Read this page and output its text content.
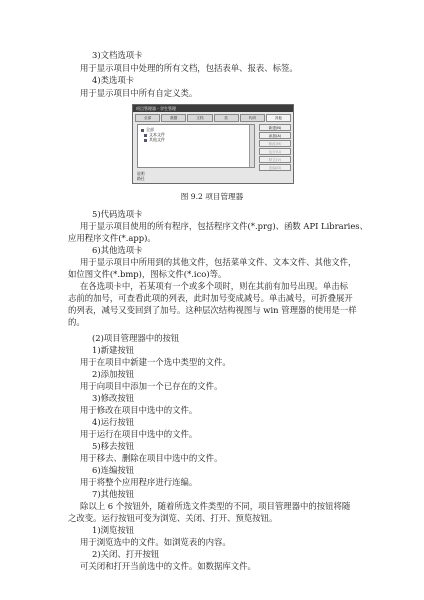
3)文档选项卡
用于显示项目中处理的所有文档，包括表单、报表、标签。
4)类选项卡
用于显示项目中所有自定义类。
项目管理器 - 学生管理
全部	数据	文档	类	代码	其他
全部
文本文件
其他文件
新建(N)
添加(A)
修改(M)
运行(U)
移去(V)
连编(D)
说明
路径
图 9.2 项目管理器
5)代码选项卡
用于显示项目使用的所有程序，包括程序文件(*.prg)、函数 API Libraries、
应用程序文件(*.app)。
6)其他选项卡
用于显示项目中所用到的其他文件，包括菜单文件、文本文件、其他文件，
如位图文件(*.bmp)，图标文件(*.ico)等。
在各选项卡中，若某项有一个或多个项时，则在其前有加号出现。单击标
志前的加号，可查看此项的列表，此时加号变成减号。单击减号，可折叠展开
的列表，减号又变回到了加号。这种层次结构视图与 win 管理器的使用是一样
的。
(2)项目管理器中的按钮
1)新建按钮
用于在项目中新建一个选中类型的文件。
2)添加按钮
用于向项目中添加一个已存在的文件。
3)修改按钮
用于修改在项目中选中的文件。
4)运行按钮
用于运行在项目中选中的文件。
5)移去按钮
用于移去、删除在项目中选中的文件。
6)连编按钮
用于将整个应用程序进行连编。
7)其他按钮
除以上 6 个按钮外，随着所选文件类型的不同，项目管理器中的按钮将随
之改变。运行按钮可变为浏览、关闭、打开、预览按钮。
1)浏览按钮
用于浏览选中的文件。如浏览表的内容。
2)关闭、打开按钮
可关闭和打开当前选中的文件。如数据库文件。
